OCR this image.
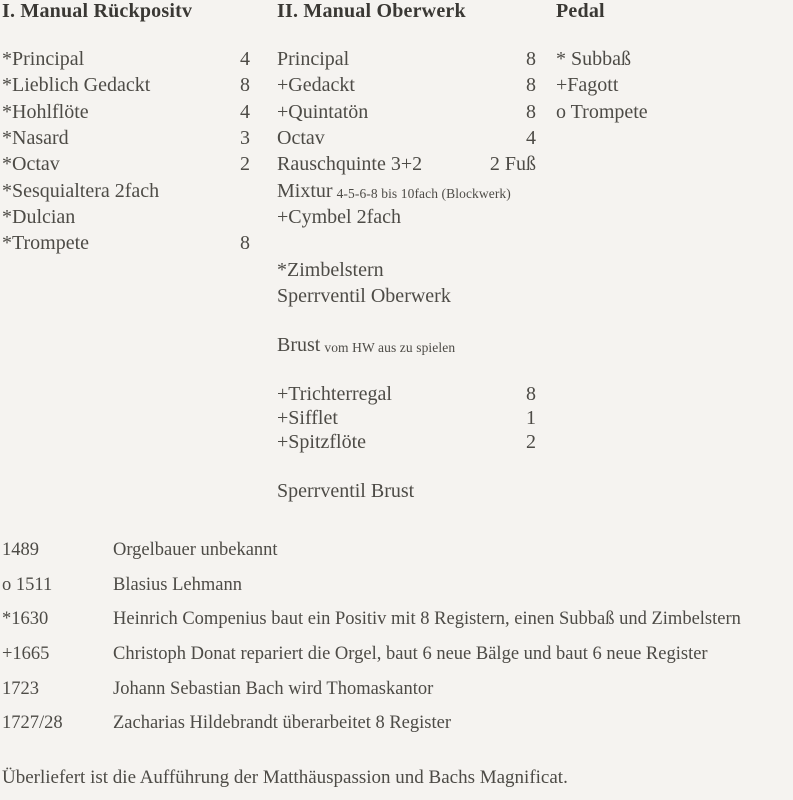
I. Manual Rückpositv
*Principal	4
*Lieblich Gedackt	8
*Hohlflöte	4
*Nasard	3
*Octav	2
*Sesquialtera 2fach
*Dulcian
*Trompete	8
II. Manual Oberwerk
Principal	8
+Gedackt	8
+Quintatön	8
Octav	4
Rauschquinte 3+2	2 Fuß
Mixtur 4-5-6-8 bis 10fach (Blockwerk)
+Cymbel 2fach
*Zimbelstern
Sperrventil Oberwerk
Brust vom HW aus zu spielen
+Trichterregal	8
+Sifflet	1
+Spitzflöte	2
Sperrventil Brust
Pedal
* Subbaß
+Fagott
o Trompete
1489	Orgelbauer unbekannt
o 1511	Blasius Lehmann
*1630	Heinrich Compenius baut ein Positiv mit 8 Registern, einen Subbaß und Zimbelstern
+1665	Christoph Donat repariert die Orgel, baut 6 neue Bälge und baut 6 neue Register
1723	Johann Sebastian Bach wird Thomaskantor
1727/28	Zacharias Hildebrandt überarbeitet 8 Register

Überliefert ist die Aufführung der Matthäuspassion und Bachs Magnificat.
